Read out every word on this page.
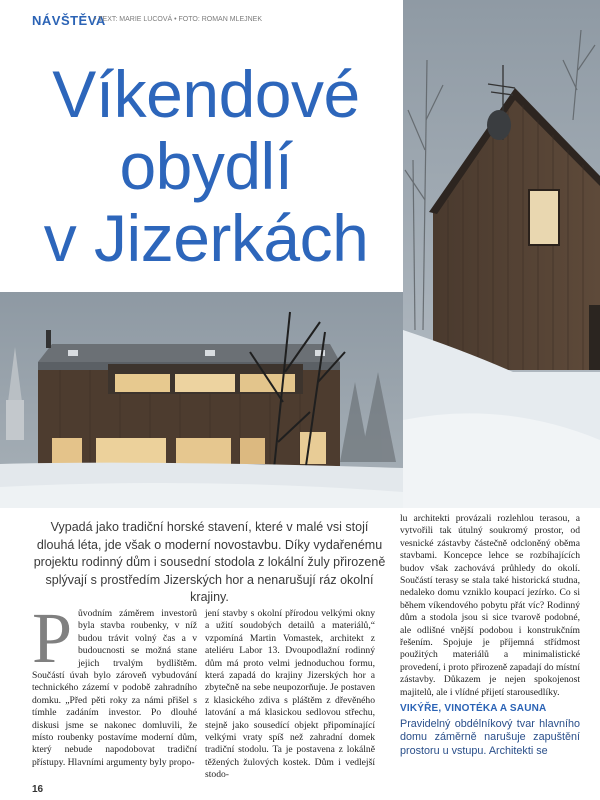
NÁVŠTĚVA
• TEXT: MARIE LUCOVÁ • FOTO: ROMAN MLEJNEK
Víkendové
obydlí
v Jizerkách
Vypadá jako tradiční horské stavení, které v malé vsi stojí dlouhá léta, jde však o moderní novostavbu. Díky vydařenému projektu rodinný dům i sousední stodola z lokální žuly přirozeně splývají s prostředím Jizerských hor a nenarušují ráz okolní krajiny.
P ůvodním záměrem investorů byla stavba roubenky, v níž budou trávit volný čas a v budoucnosti se možná stane jejich trvalým bydlištěm. Součástí úvah bylo zároveň vybudování technického zázemí v podobě zahradního domku. „Před pěti roky za námi přišel s tímhle zadáním investor. Po dlouhé diskusi jsme se nakonec domluvili, že místo roubenky postavíme moderní dům, který nebude napodobovat tradiční přístupy. Hlavními argumenty byly propo-

jení stavby s okolní přírodou velkými okny a užití soudobých detailů a materiálů,“ vzpomíná Martin Vomastek, architekt z ateliéru Labor 13. Dvoupodlažní rodinný dům má proto velmi jednoduchou formu, která zapadá do krajiny Jizerských hor a zbytečně na sebe neupozorňuje. Je postaven z klasického zdiva s pláštěm z dřevěného latování a má klasickou sedlovou střechu, stejně jako sousedící objekt připomínající velkými vraty spíš než zahradní domek tradiční stodolu. Ta je postavena z lokálně těžených žulových kostek. Dům i vedlejší stodo-

lu architekti provázali rozlehlou terasou, a vytvořili tak útulný soukromý prostor, od vesnické zástavby částečně odcloněný oběma stavbami. Koncepce lehce se rozbíhajících budov však zachovává průhledy do okolí. Součástí terasy se stala také historická studna, nedaleko domu vzniklo koupací jezírko. Co si během víkendového pobytu přát víc? Rodinný dům a stodola jsou si sice tvarově podobné, ale odlišné vnější podobou i konstrukčním řešením. Spojuje je příjemná střídmost použitých materiálů a minimalistické provedení, i proto přirozeně zapadají do místní zástavby. Důkazem je nejen spokojenost majitelů, ale i vlídné přijetí starousedlíky.

VIKÝŘE, VINOTÉKA A SAUNA

Pravidelný obdélníkový tvar hlavního domu záměrně narušuje zapuštění prostoru u vstupu. Architekti se

16
